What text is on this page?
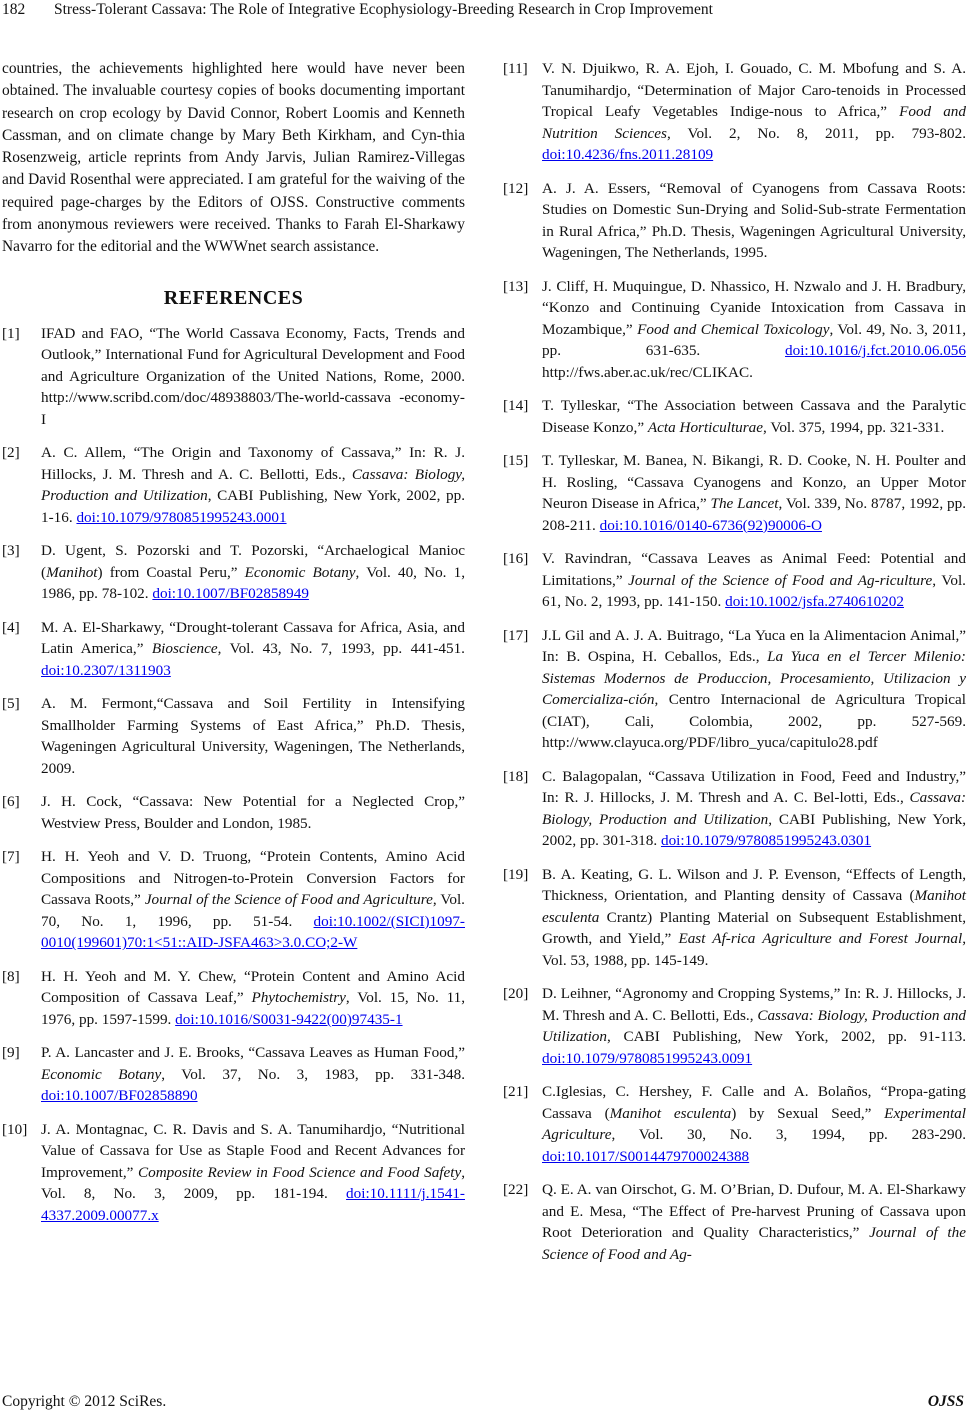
182 Stress-Tolerant Cassava: The Role of Integrative Ecophysiology-Breeding Research in Crop Improvement

countries, the achievements highlighted here would have never been obtained. The invaluable courtesy copies of books documenting important research on crop ecology by David Connor, Robert Loomis and Kenneth Cassman, and on climate change by Mary Beth Kirkham, and Cyn-thia Rosenzweig, article reprints from Andy Jarvis, Julian Ramirez-Villegas and David Rosenthal were appreciated. I am grateful for the waiving of the required page-charges by the Editors of OJSS. Constructive comments from anonymous reviewers were received. Thanks to Farah El-Sharkawy Navarro for the editorial and the WWWnet search assistance.

REFERENCES
[1] IFAD and FAO, “The World Cassava Economy, Facts, Trends and Outlook,” International Fund for Agricultural Development and Food and Agriculture Organization of the United Nations, Rome, 2000. http://www.scribd.com/doc/48938803/The-world-cassava -economy-I
[2] A. C. Allem, “The Origin and Taxonomy of Cassava,” In: R. J. Hillocks, J. M. Thresh and A. C. Bellotti, Eds., Cassava: Biology, Production and Utilization, CABI Publishing, New York, 2002, pp. 1-16. doi:10.1079/9780851995243.0001
[3] D. Ugent, S. Pozorski and T. Pozorski, “Archaelogical Manioc (Manihot) from Coastal Peru,” Economic Botany, Vol. 40, No. 1, 1986, pp. 78-102. doi:10.1007/BF02858949
[4] M. A. El-Sharkawy, “Drought-tolerant Cassava for Africa, Asia, and Latin America,” Bioscience, Vol. 43, No. 7, 1993, pp. 441-451. doi:10.2307/1311903
[5] A. M. Fermont,“Cassava and Soil Fertility in Intensifying Smallholder Farming Systems of East Africa,” Ph.D. Thesis, Wageningen Agricultural University, Wageningen, The Netherlands, 2009.
[6] J. H. Cock, “Cassava: New Potential for a Neglected Crop,” Westview Press, Boulder and London, 1985.
[7] H. H. Yeoh and V. D. Truong, “Protein Contents, Amino Acid Compositions and Nitrogen-to-Protein Conversion Factors for Cassava Roots,” Journal of the Science of Food and Agriculture, Vol. 70, No. 1, 1996, pp. 51-54. doi:10.1002/(SICI)1097-0010(199601)70:1<51::AID-JSFA463>3.0.CO;2-W
[8] H. H. Yeoh and M. Y. Chew, “Protein Content and Amino Acid Composition of Cassava Leaf,” Phytochemistry, Vol. 15, No. 11, 1976, pp. 1597-1599. doi:10.1016/S0031-9422(00)97435-1
[9] P. A. Lancaster and J. E. Brooks, “Cassava Leaves as Human Food,” Economic Botany, Vol. 37, No. 3, 1983, pp. 331-348. doi:10.1007/BF02858890
[10] J. A. Montagnac, C. R. Davis and S. A. Tanumihardjo, “Nutritional Value of Cassava for Use as Staple Food and Recent Advances for Improvement,” Composite Review in Food Science and Food Safety, Vol. 8, No. 3, 2009, pp. 181-194. doi:10.1111/j.1541-4337.2009.00077.x
[11] V. N. Djuikwo, R. A. Ejoh, I. Gouado, C. M. Mbofung and S. A. Tanumihardjo, “Determination of Major Caro-tenoids in Processed Tropical Leafy Vegetables Indige-nous to Africa,” Food and Nutrition Sciences, Vol. 2, No. 8, 2011, pp. 793-802. doi:10.4236/fns.2011.28109
[12] A. J. A. Essers, “Removal of Cyanogens from Cassava Roots: Studies on Domestic Sun-Drying and Solid-Sub-strate Fermentation in Rural Africa,” Ph.D. Thesis, Wageningen Agricultural University, Wageningen, The Netherlands, 1995.
[13] J. Cliff, H. Muquingue, D. Nhassico, H. Nzwalo and J. H. Bradbury, “Konzo and Continuing Cyanide Intoxication from Cassava in Mozambique,” Food and Chemical Toxicology, Vol. 49, No. 3, 2011, pp. 631-635. doi:10.1016/j.fct.2010.06.056 http://fws.aber.ac.uk/rec/CLIKAC.
[14] T. Tylleskar, “The Association between Cassava and the Paralytic Disease Konzo,” Acta Horticulturae, Vol. 375, 1994, pp. 321-331.
[15] T. Tylleskar, M. Banea, N. Bikangi, R. D. Cooke, N. H. Poulter and H. Rosling, “Cassava Cyanogens and Konzo, an Upper Motor Neuron Disease in Africa,” The Lancet, Vol. 339, No. 8787, 1992, pp. 208-211. doi:10.1016/0140-6736(92)90006-O
[16] V. Ravindran, “Cassava Leaves as Animal Feed: Potential and Limitations,” Journal of the Science of Food and Ag-riculture, Vol. 61, No. 2, 1993, pp. 141-150. doi:10.1002/jsfa.2740610202
[17] J.L Gil and A. J. A. Buitrago, “La Yuca en la Alimentacion Animal,” In: B. Ospina, H. Ceballos, Eds., La Yuca en el Tercer Milenio: Sistemas Modernos de Produccion, Procesamiento, Utilizacion y Comercializa-ción, Centro Internacional de Agricultura Tropical (CIAT), Cali, Colombia, 2002, pp. 527-569. http://www.clayuca.org/PDF/libro_yuca/capitulo28.pdf
[18] C. Balagopalan, “Cassava Utilization in Food, Feed and Industry,” In: R. J. Hillocks, J. M. Thresh and A. C. Bel-lotti, Eds., Cassava: Biology, Production and Utilization, CABI Publishing, New York, 2002, pp. 301-318. doi:10.1079/9780851995243.0301
[19] B. A. Keating, G. L. Wilson and J. P. Evenson, “Effects of Length, Thickness, Orientation, and Planting density of Cassava (Manihot esculenta Crantz) Planting Material on Subsequent Establishment, Growth, and Yield,” East Af-rica Agriculture and Forest Journal, Vol. 53, 1988, pp. 145-149.
[20] D. Leihner, “Agronomy and Cropping Systems,” In: R. J. Hillocks, J. M. Thresh and A. C. Bellotti, Eds., Cassava: Biology, Production and Utilization, CABI Publishing, New York, 2002, pp. 91-113. doi:10.1079/9780851995243.0091
[21] C.Iglesias, C. Hershey, F. Calle and A. Bolaños, “Propa-gating Cassava (Manihot esculenta) by Sexual Seed,” Experimental Agriculture, Vol. 30, No. 3, 1994, pp. 283-290. doi:10.1017/S0014479700024388
[22] Q. E. A. van Oirschot, G. M. O’Brian, D. Dufour, M. A. El-Sharkawy and E. Mesa, “The Effect of Pre-harvest Pruning of Cassava upon Root Deterioration and Quality Characteristics,” Journal of the Science of Food and Ag-
Copyright © 2012 SciRes.	OJSS
